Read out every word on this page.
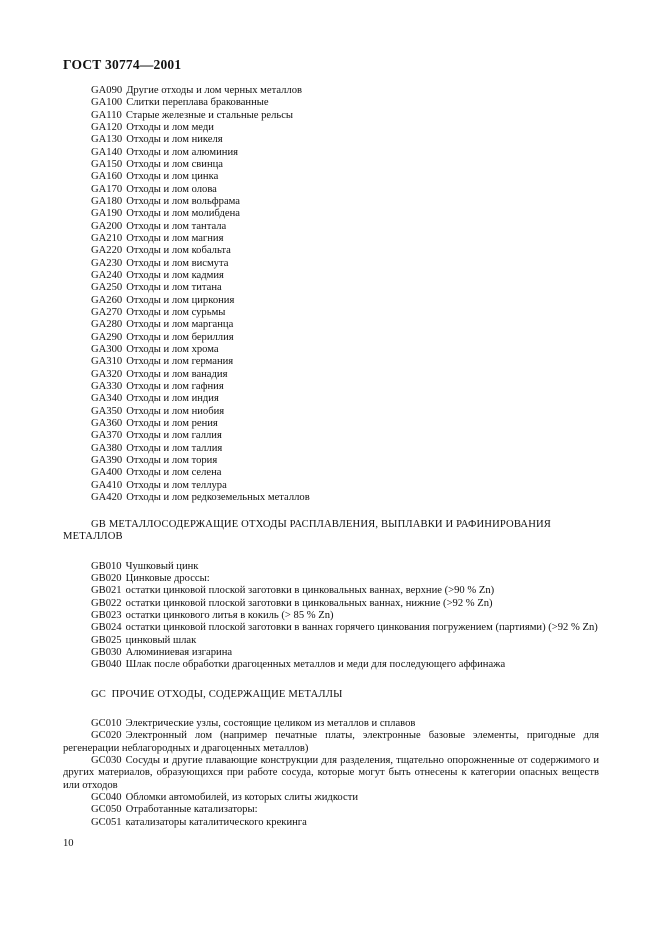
ГОСТ 30774—2001
GA090 Другие отходы и лом черных металлов
GA100 Слитки переплава бракованные
GA110 Старые железные и стальные рельсы
GA120 Отходы и лом меди
GA130 Отходы и лом никеля
GA140 Отходы и лом алюминия
GA150 Отходы и лом свинца
GA160 Отходы и лом цинка
GA170 Отходы и лом олова
GA180 Отходы и лом вольфрама
GA190 Отходы и лом молибдена
GA200 Отходы и лом тантала
GA210 Отходы и лом магния
GA220 Отходы и лом кобальта
GA230 Отходы и лом висмута
GA240 Отходы и лом кадмия
GA250 Отходы и лом титана
GA260 Отходы и лом циркония
GA270 Отходы и лом сурьмы
GA280 Отходы и лом марганца
GA290 Отходы и лом бериллия
GA300 Отходы и лом хрома
GA310 Отходы и лом германия
GA320 Отходы и лом ванадия
GA330 Отходы и лом гафния
GA340 Отходы и лом индия
GA350 Отходы и лом ниобия
GA360 Отходы и лом рения
GA370 Отходы и лом галлия
GA380 Отходы и лом таллия
GA390 Отходы и лом тория
GA400 Отходы и лом селена
GA410 Отходы и лом теллура
GA420 Отходы и лом редкоземельных металлов
GB МЕТАЛЛОСОДЕРЖАЩИЕ ОТХОДЫ РАСПЛАВЛЕНИЯ, ВЫПЛАВКИ И РАФИНИРОВАНИЯ
МЕТАЛЛОВ
GB010 Чушковый цинк
GB020 Цинковые дроссы:
GB021 остатки цинковой плоской заготовки в цинковальных ваннах, верхние (>90 % Zn)
GB022 остатки цинковой плоской заготовки в цинковальных ваннах, нижние (>92 % Zn)
GB023 остатки цинкового литья в кокиль (> 85 % Zn)
GB024 остатки цинковой плоской заготовки в ваннах горячего цинкования погружением (партиями) (>92 % Zn)
GB025 цинковый шлак
GB030 Алюминиевая изгарина
GB040 Шлак после обработки драгоценных металлов и меди для последующего аффинажа
GC  ПРОЧИЕ ОТХОДЫ, СОДЕРЖАЩИЕ МЕТАЛЛЫ
GC010 Электрические узлы, состоящие целиком из металлов и сплавов
GC020 Электронный лом (например печатные платы, электронные базовые элементы, пригодные для регенерации неблагородных и драгоценных металлов)
GC030 Сосуды и другие плавающие конструкции для разделения, тщательно опорожненные от содержимого и других материалов, образующихся при работе сосуда, которые могут быть отнесены к категории опасных веществ или отходов
GC040 Обломки автомобилей, из которых слиты жидкости
GC050 Отработанные катализаторы:
GC051 катализаторы каталитического крекинга
10
